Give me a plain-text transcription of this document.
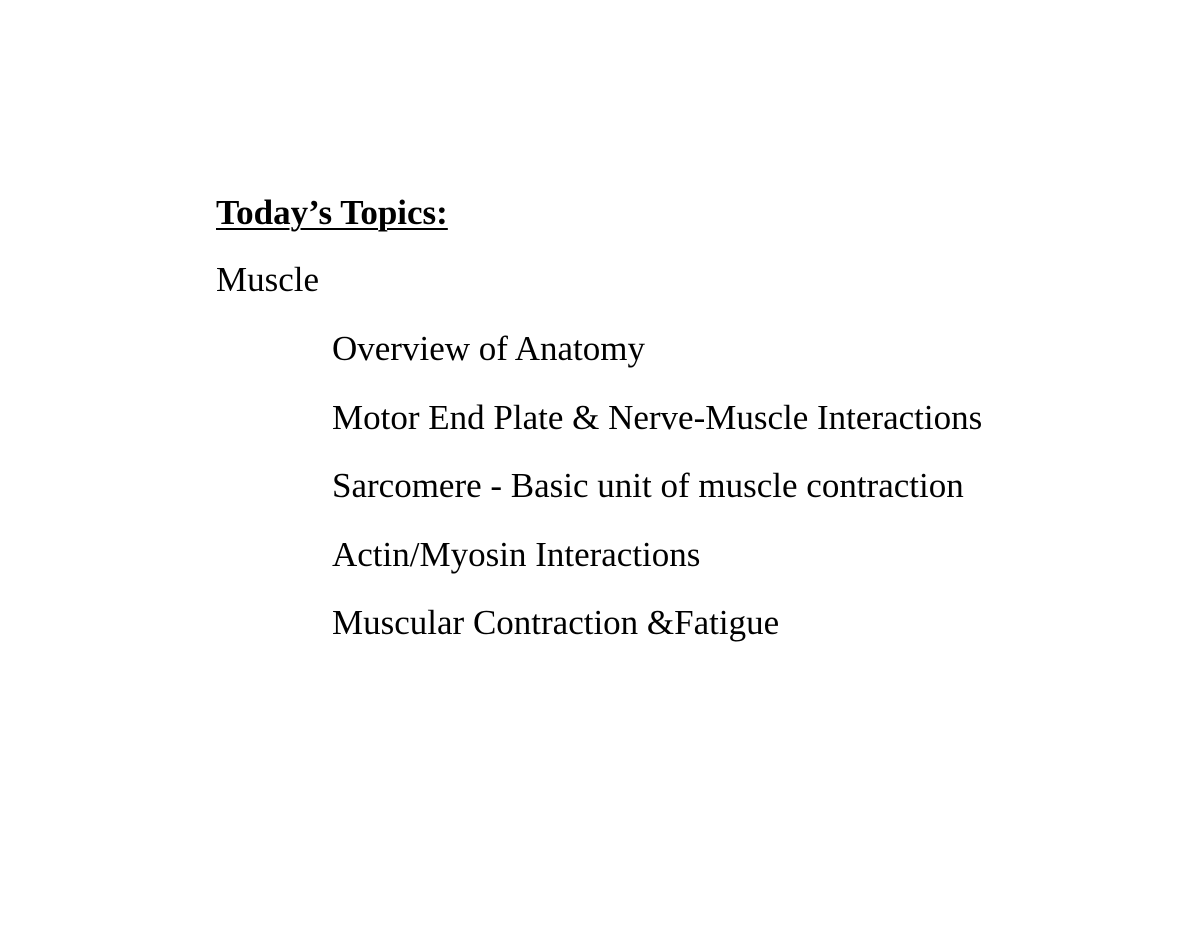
Today’s Topics:
Muscle
Overview of Anatomy
Motor End Plate & Nerve-Muscle Interactions
Sarcomere - Basic unit of muscle contraction
Actin/Myosin Interactions
Muscular Contraction &Fatigue
